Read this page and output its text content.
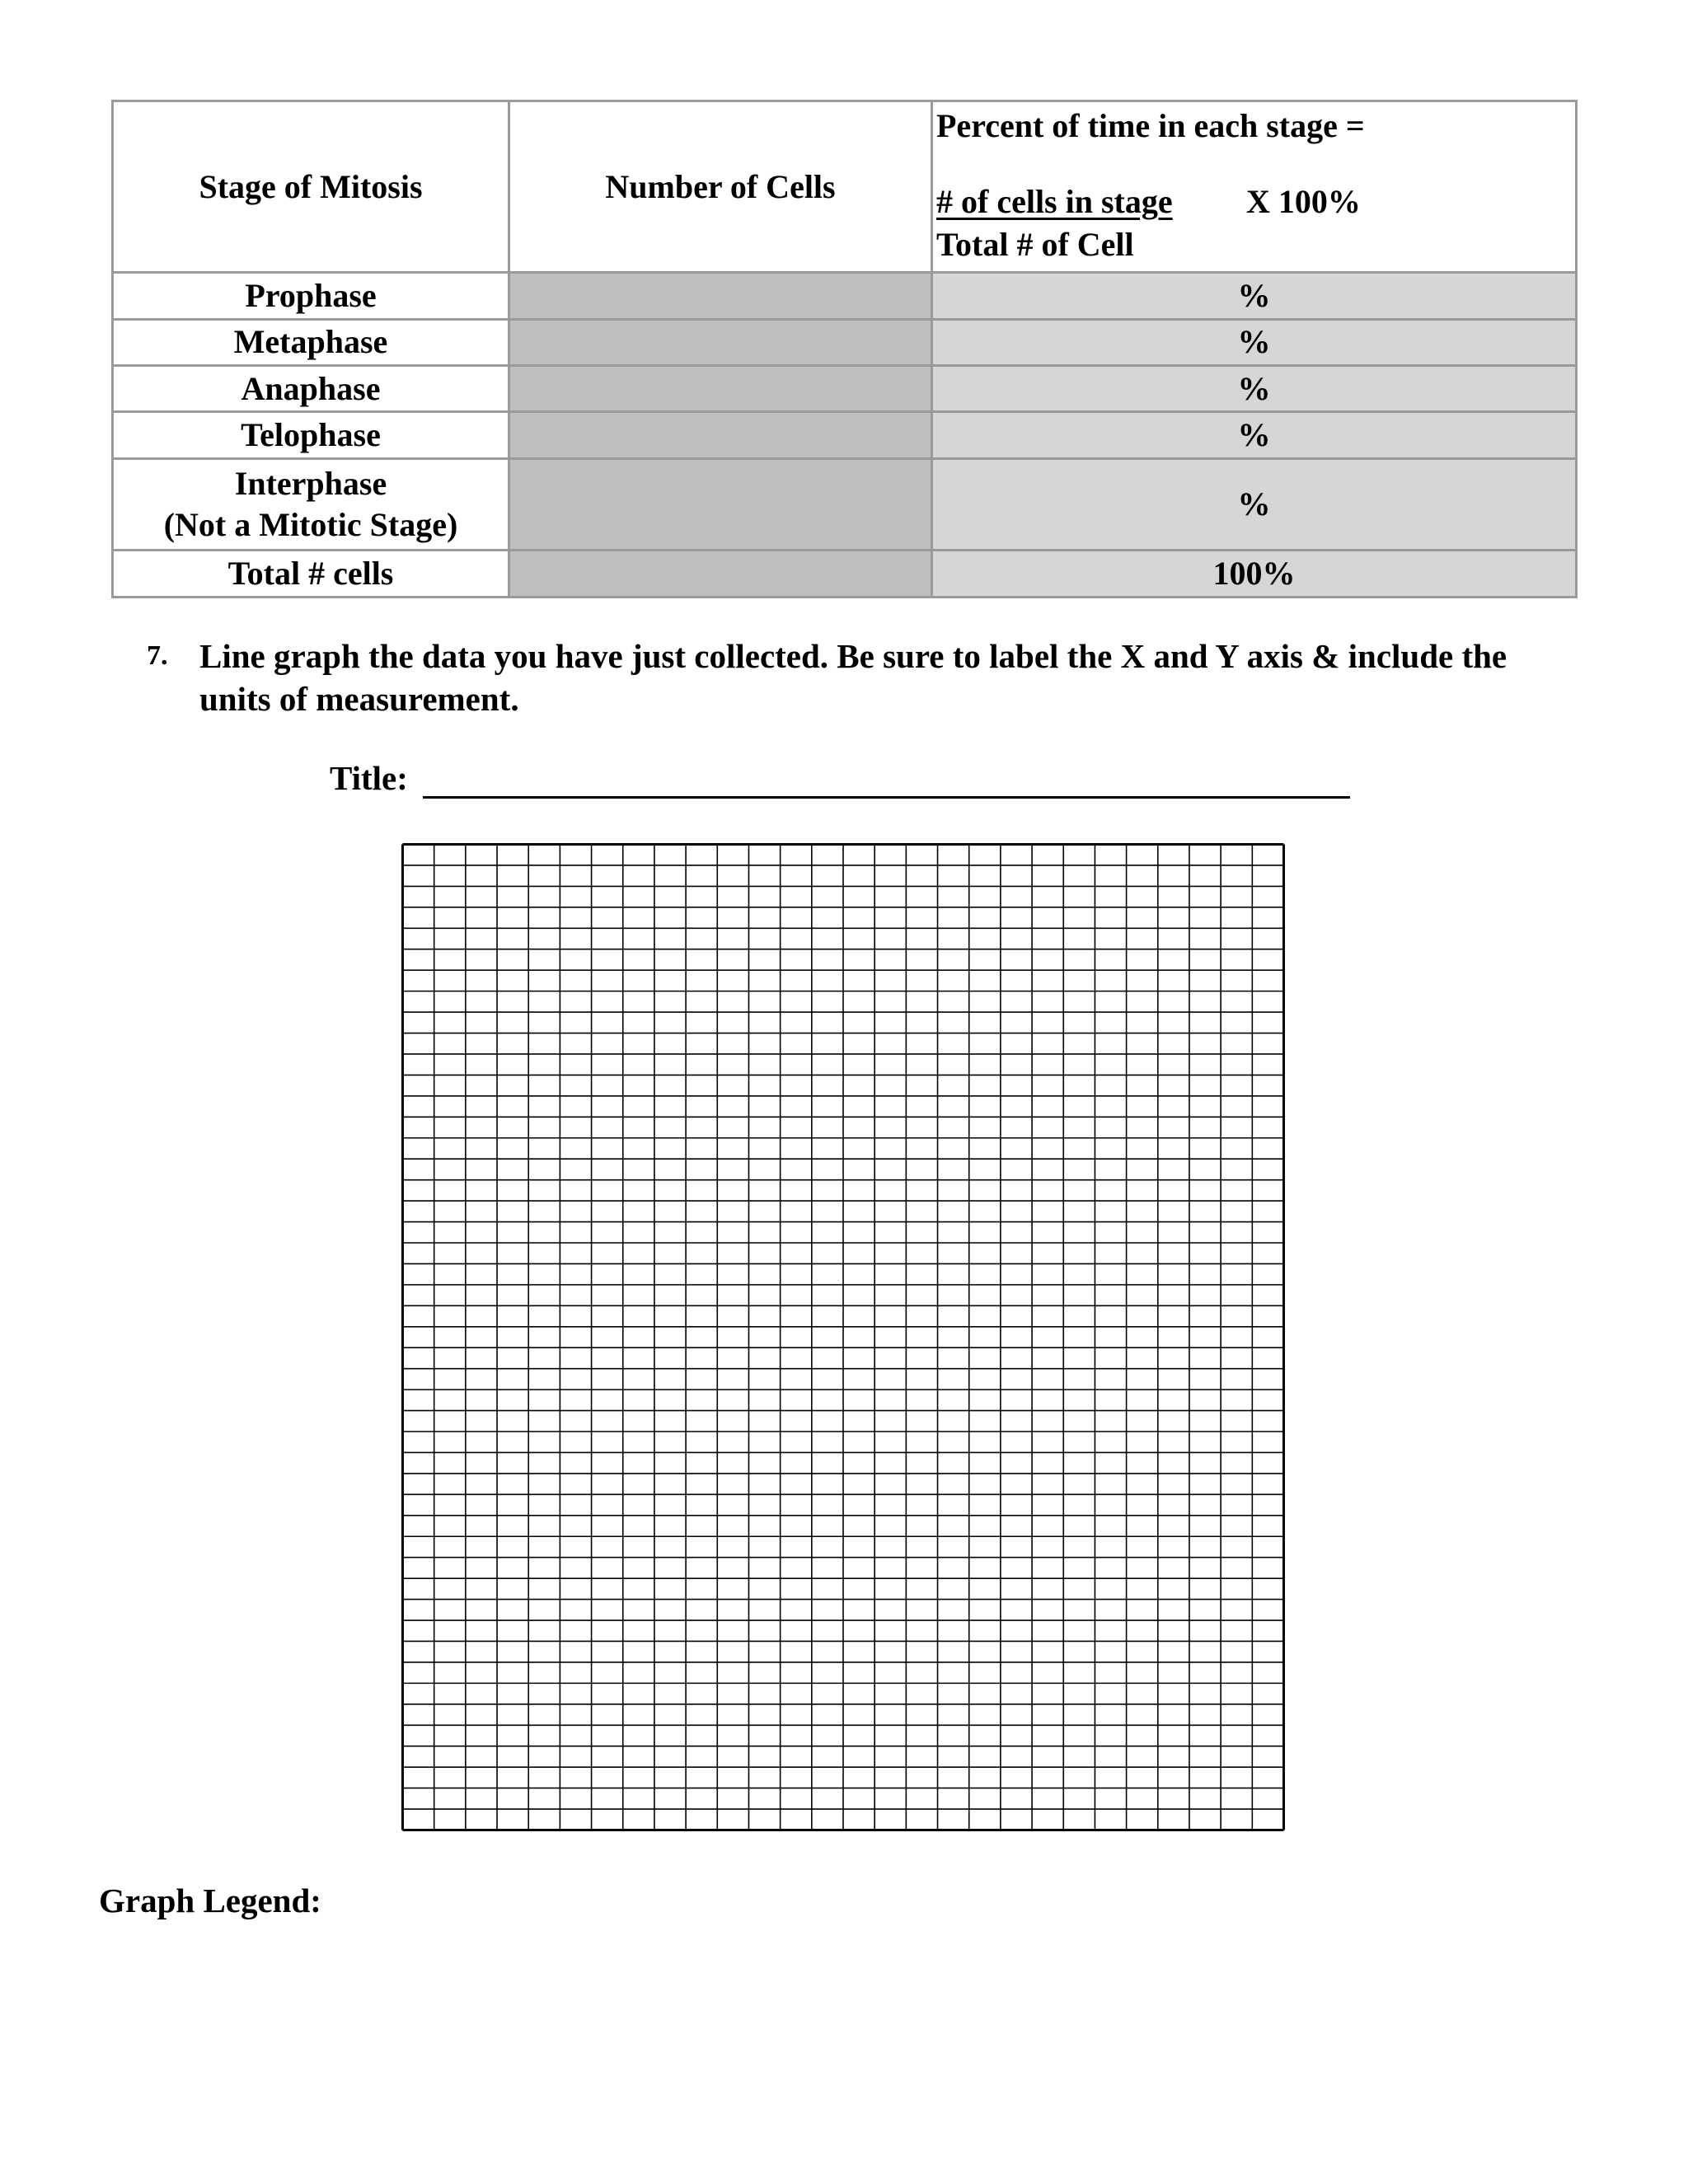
Stage of Mitosis	Number of Cells	Percent of time in each stage =
# of cells in stage X 100%
Total # of Cell

Prophase		%
Metaphase		%
Anaphase		%
Telophase		%

Interphase
(Not a Mitotic Stage)		%
Total # cells		100%
7. Line graph the data you have just collected. Be sure to label the X and Y axis & include the units of measurement.
Title:
Graph Legend:
